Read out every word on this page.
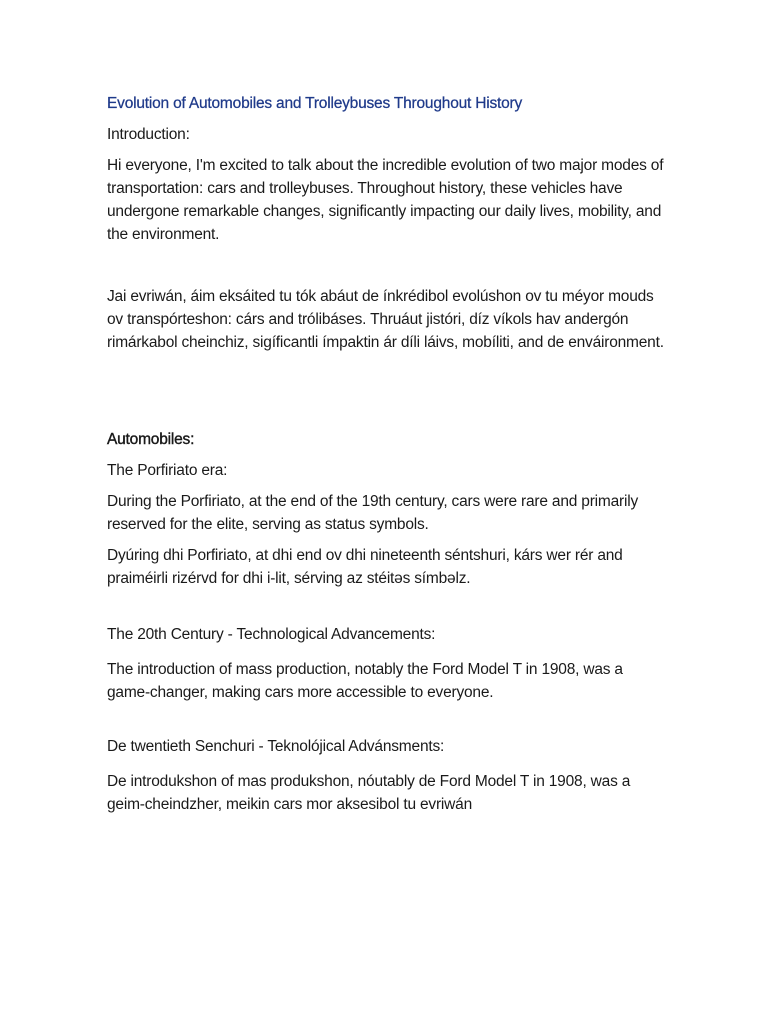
Evolution of Automobiles and Trolleybuses Throughout History

Introduction:

Hi everyone, I'm excited to talk about the incredible evolution of two major modes of transportation: cars and trolleybuses. Throughout history, these vehicles have undergone remarkable changes, significantly impacting our daily lives, mobility, and the environment.

Jai evriwán, áim eksáited tu tók abáut de ínkrédibol evolúshon ov tu méyor mouds ov transpórteshon: cárs and trólibáses. Thruáut jistóri, díz víkols hav andergón rimárkabol cheinchiz, sigíficantli ímpaktin ár díli láivs, mobíliti, and de enváironment.

Automobiles:

The Porfiriato era:

During the Porfiriato, at the end of the 19th century, cars were rare and primarily reserved for the elite, serving as status symbols.

Dyúring dhi Porfiriato, at dhi end ov dhi nineteenth séntshuri, kárs wer rér and praiméirli rizérvd for dhi i-lit, sérving az stéitəs símbəlz.

The 20th Century - Technological Advancements:

The introduction of mass production, notably the Ford Model T in 1908, was a game-changer, making cars more accessible to everyone.

De twentieth Senchuri - Teknolójical Advánsments:

De introdukshon of mas produkshon, nóutably de Ford Model T in 1908, was a geim-cheindzher, meikin cars mor aksesibol tu evriwán
